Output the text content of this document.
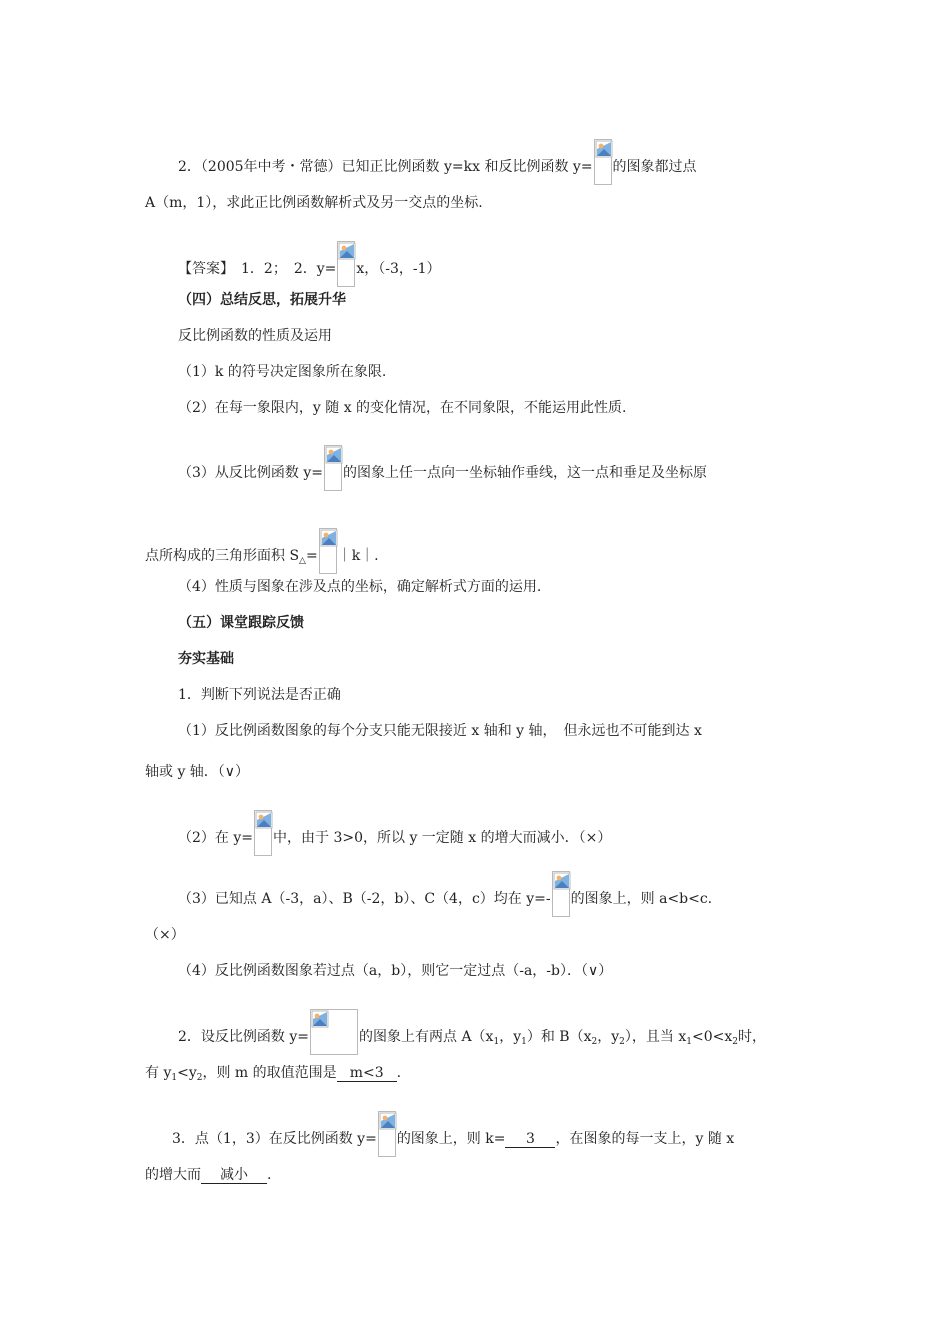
2．（2005年中考・常德）已知正比例函数 y=kx 和反比例函数 y= 的图象都过点
A（m，1），求此正比例函数解析式及另一交点的坐标.
【答案】　1．2；　2．y= x，（-3，-1）
（四）总结反思，拓展升华
反比例函数的性质及运用
（1）k 的符号决定图象所在象限.
（2）在每一象限内，y 随 x 的变化情况，在不同象限，不能运用此性质.
（3）从反比例函数 y= 的图象上任一点向一坐标轴作垂线，这一点和垂足及坐标原
点所构成的三角形面积 $S_\triangle=$ ｜k｜.
（4）性质与图象在涉及点的坐标，确定解析式方面的运用.
（五）课堂跟踪反馈
夯实基础
1．判断下列说法是否正确
（1）反比例函数图象的每个分支只能无限接近 x 轴和 y 轴，　但永远也不可能到达 x
轴或 y 轴．（∨）
（2）在 y= 中，由于 3>0，所以 y 一定随 x 的增大而减小．（×）
（3）已知点 A（-3，a）、B（-2，b）、C（4，c）均在 y=- 的图象上，则 a<b<c.
（×）
（4）反比例函数图象若过点（a，b），则它一定过点（-a，-b）．（∨）
2．设反比例函数 y=	的图象上有两点 $A(x_1$，$y_1$）和 $B(x_2$，$y_2$），且当 $x_1<0<x_2$时，
有 $y_1<y_2$，则 m 的取值范围是 m<3 .
3．点（1，3）在反比例函数 y= 的图象上，则 k= 3 ，在图象的每一支上，y 随 x
的增大而 减小 .
